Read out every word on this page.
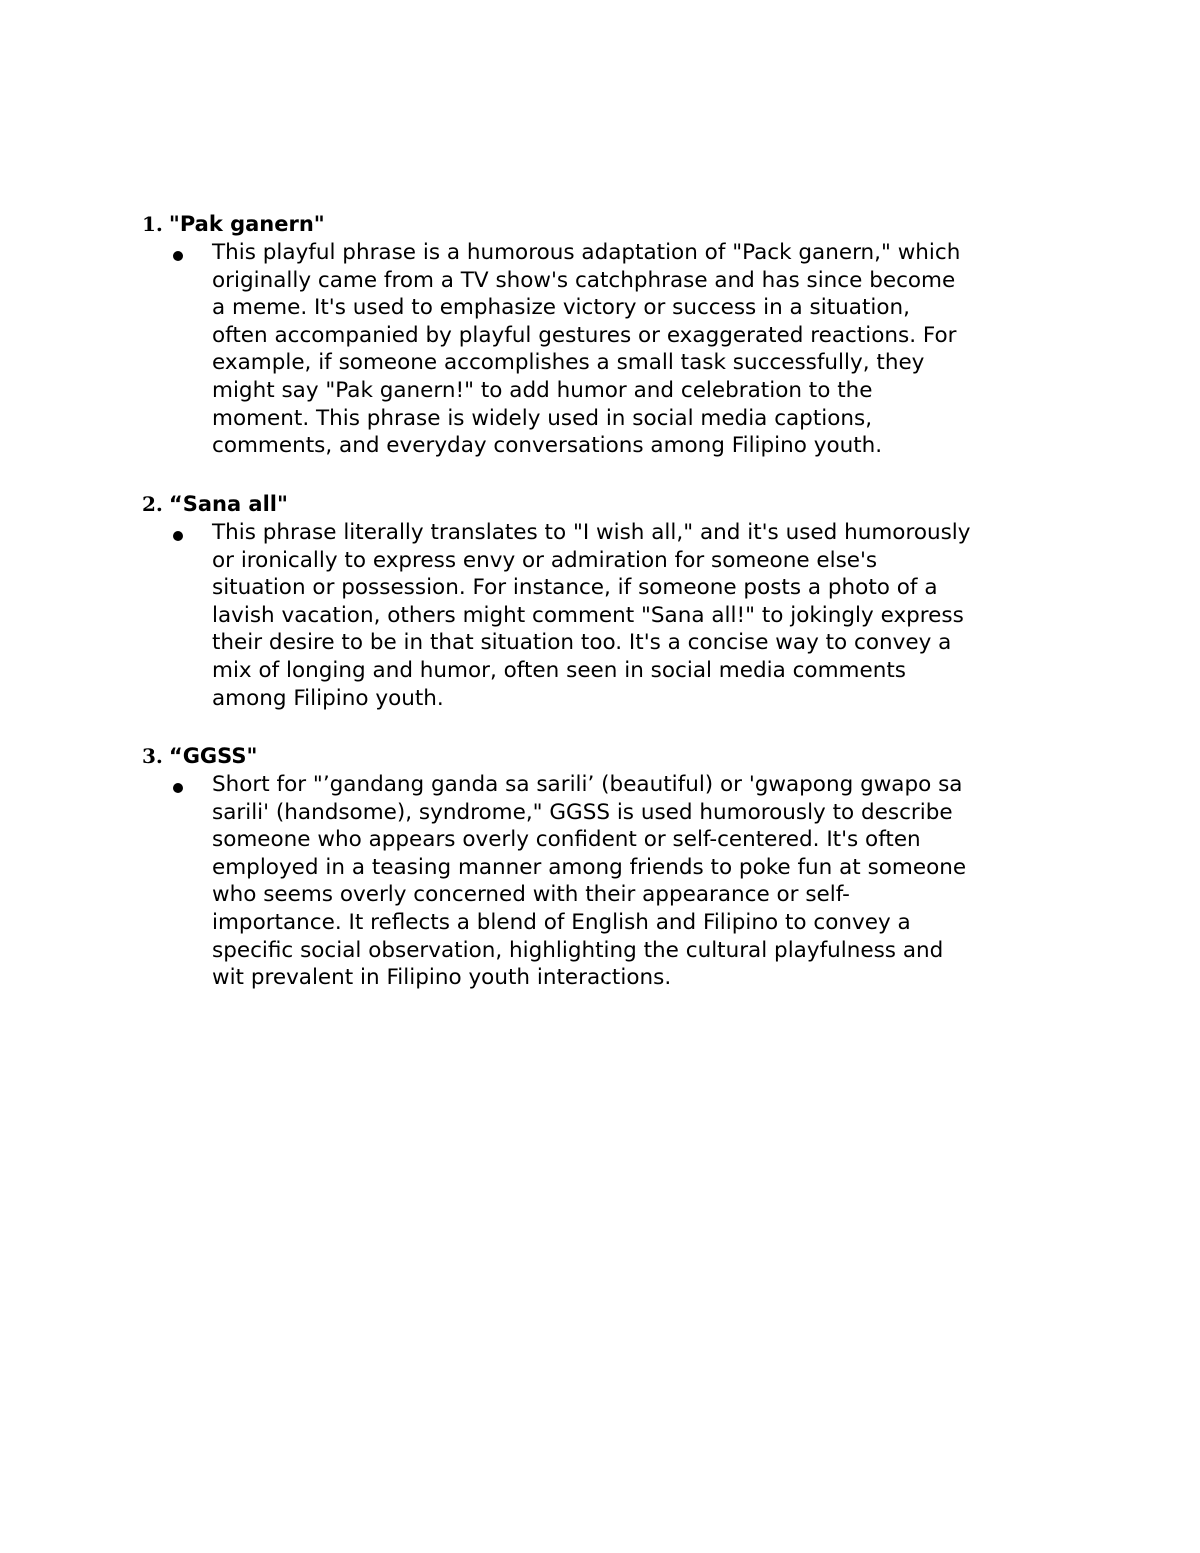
1. "Pak ganern"

This playful phrase is a humorous adaptation of "Pack ganern," which
originally came from a TV show's catchphrase and has since become
a meme. It's used to emphasize victory or success in a situation,
often accompanied by playful gestures or exaggerated reactions. For
example, if someone accomplishes a small task successfully, they
might say "Pak ganern!" to add humor and celebration to the
moment. This phrase is widely used in social media captions,
comments, and everyday conversations among Filipino youth.

2. “Sana all"

This phrase literally translates to "I wish all," and it's used humorously
or ironically to express envy or admiration for someone else's
situation or possession. For instance, if someone posts a photo of a
lavish vacation, others might comment "Sana all!" to jokingly express
their desire to be in that situation too. It's a concise way to convey a
mix of longing and humor, often seen in social media comments
among Filipino youth.

3. “GGSS"

Short for "’gandang ganda sa sarili’ (beautiful) or 'gwapong gwapo sa
sarili' (handsome), syndrome," GGSS is used humorously to describe
someone who appears overly confident or self-centered. It's often
employed in a teasing manner among friends to poke fun at someone
who seems overly concerned with their appearance or self-
importance. It reflects a blend of English and Filipino to convey a
specific social observation, highlighting the cultural playfulness and
wit prevalent in Filipino youth interactions.
